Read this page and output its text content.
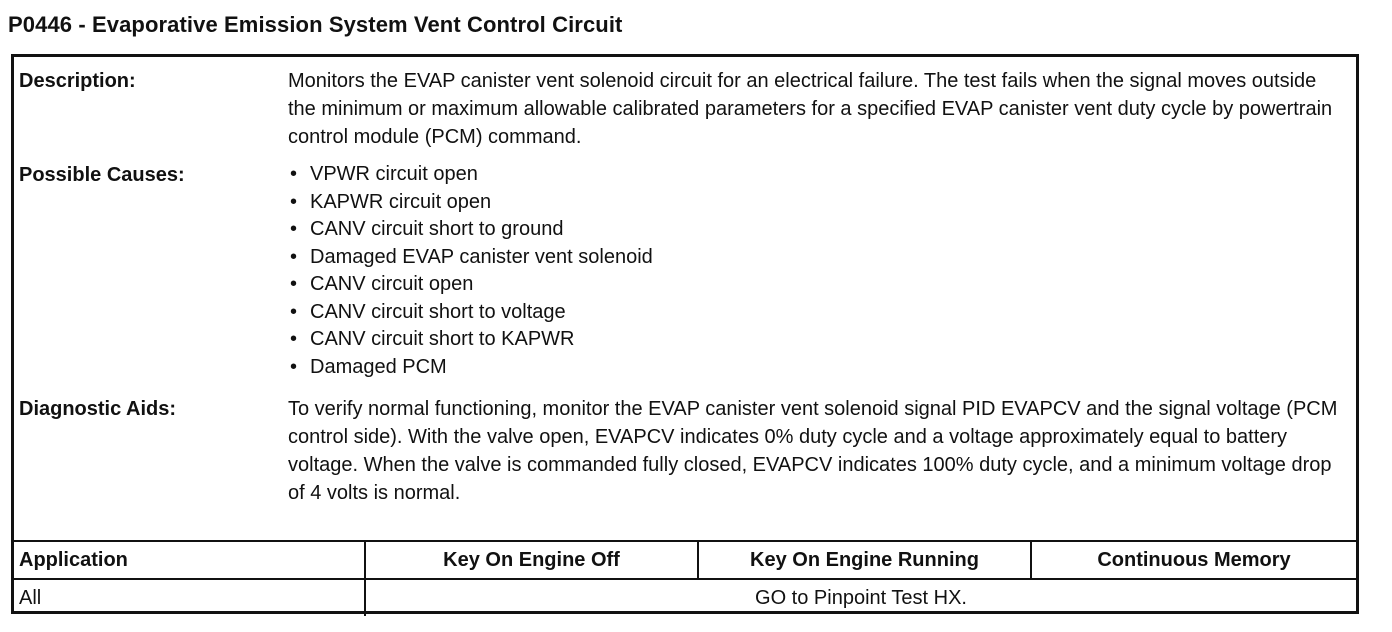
P0446 - Evaporative Emission System Vent Control Circuit
Description:	Monitors the EVAP canister vent solenoid circuit for an electrical failure. The test fails when the signal moves outside the minimum or maximum allowable calibrated parameters for a specified EVAP canister vent duty cycle by powertrain control module (PCM) command.

Possible Causes:	• VPWR circuit open
• KAPWR circuit open
• CANV circuit short to ground
• Damaged EVAP canister vent solenoid
• CANV circuit open
• CANV circuit short to voltage
• CANV circuit short to KAPWR
• Damaged PCM
Diagnostic Aids:	To verify normal functioning, monitor the EVAP canister vent solenoid signal PID EVAPCV and the signal voltage (PCM control side). With the valve open, EVAPCV indicates 0% duty cycle and a voltage approximately equal to battery voltage. When the valve is commanded fully closed, EVAPCV indicates 100% duty cycle, and a minimum voltage drop of 4 volts is normal.

Application	Key On Engine Off	Key On Engine Running	Continuous Memory
All	GO to Pinpoint Test HX.
